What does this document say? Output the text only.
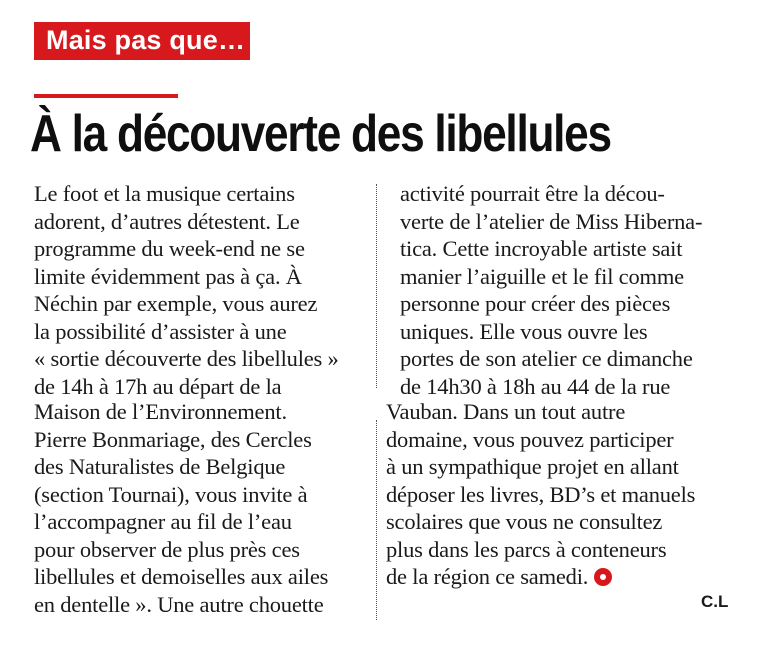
Mais pas que…
À la découverte des libellules
Le foot et la musique certains
adorent, d’autres détestent. Le
programme du week-end ne se
limite évidemment pas à ça. À
Néchin par exemple, vous aurez
la possibilité d’assister à une
« sortie découverte des libellules »
de 14h à 17h au départ de la
Maison de l’Environnement.
Pierre Bonmariage, des Cercles
des Naturalistes de Belgique
(section Tournai), vous invite à
l’accompagner au fil de l’eau
pour observer de plus près ces
libellules et demoiselles aux ailes
en dentelle ». Une autre chouette
activité pourrait être la décou-
verte de l’atelier de Miss Hiberna-
tica. Cette incroyable artiste sait
manier l’aiguille et le fil comme
personne pour créer des pièces
uniques. Elle vous ouvre les
portes de son atelier ce dimanche
de 14h30 à 18h au 44 de la rue
Vauban. Dans un tout autre
domaine, vous pouvez participer
à un sympathique projet en allant
déposer les livres, BD’s et manuels
scolaires que vous ne consultez
plus dans les parcs à conteneurs
de la région ce samedi.
C.L
